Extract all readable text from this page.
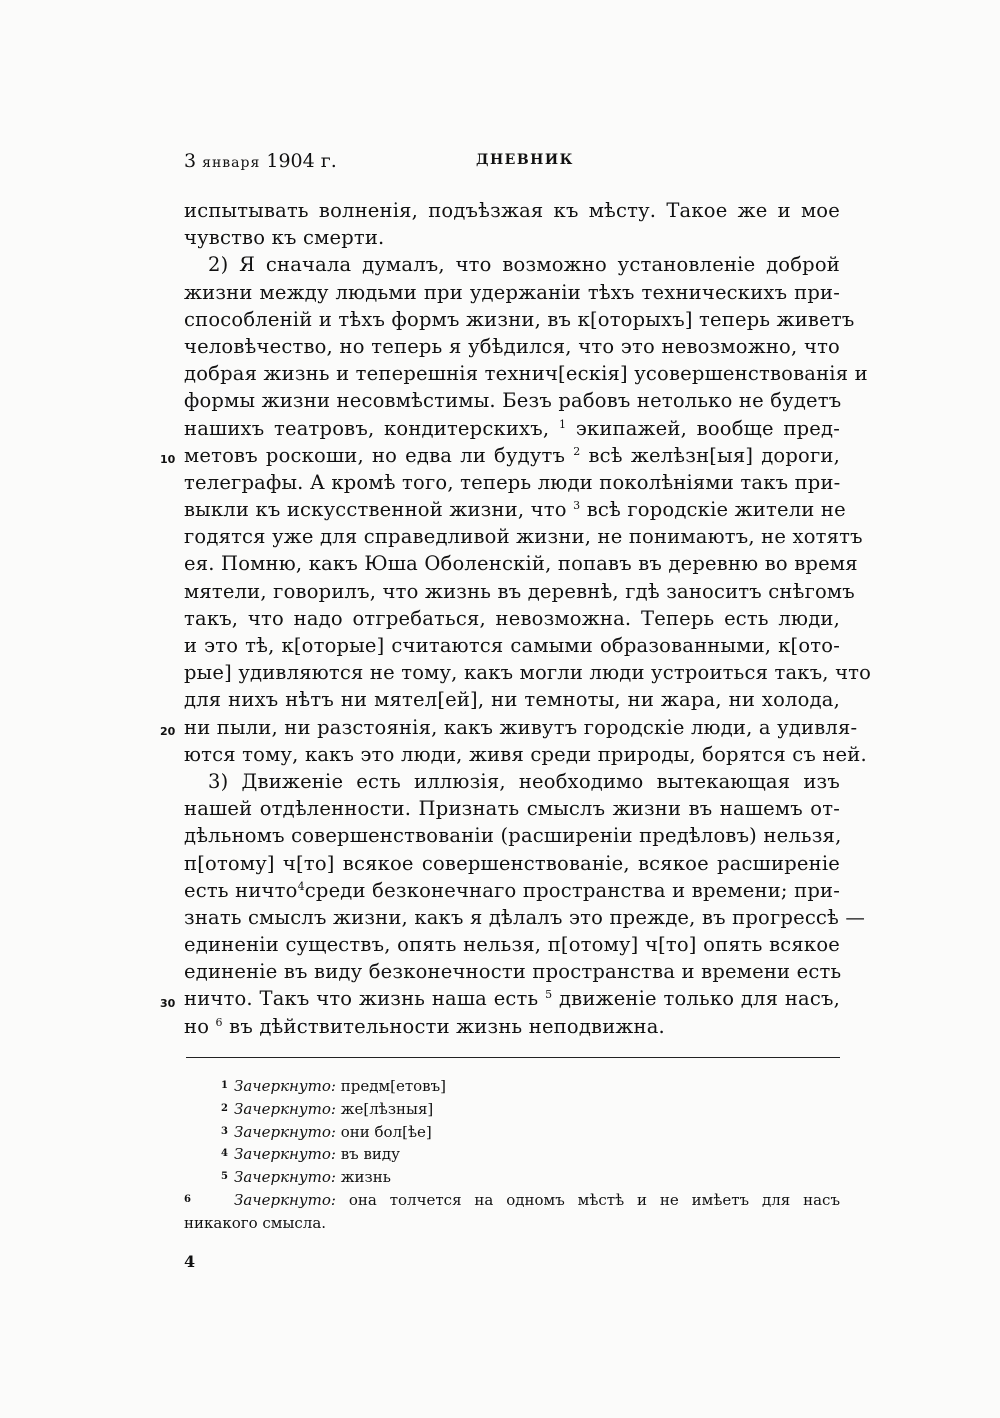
3 января 1904 г.	ДНЕВНИК
10
20
30
испытывать волненія, подъѣзжая къ мѣсту. Такое же и мое
чувство къ смерти.
2) Я сначала думалъ, что возможно установленіе доброй
жизни между людьми при удержаніи тѣхъ техническихъ при-
способленій и тѣхъ формъ жизни, въ к[оторыхъ] теперь живетъ
человѣчество, но теперь я убѣдился, что это невозможно, что
добрая жизнь и теперешнія технич[ескія] усовершенствованія и
формы жизни несовмѣстимы. Безъ рабовъ нетолько не будетъ
нашихъ театровъ, кондитерскихъ, $^1$ экипажей, вообще пред-
метовъ роскоши, но едва ли будутъ $^2$ всѣ желѣзн[ыя] дороги,
телеграфы. А кромѣ того, теперь люди поколѣніями такъ при-
выкли къ искусственной жизни, что $^3$ всѣ городскіе жители не
годятся уже для справедливой жизни, не понимаютъ, не хотятъ
ея. Помню, какъ Юша Оболенскій, попавъ въ деревню во время
мятели, говорилъ, что жизнь въ деревнѣ, гдѣ заноситъ снѣгомъ
такъ, что надо отгребаться, невозможна. Теперь есть люди,
и это тѣ, к[оторые] считаются самыми образованными, к[ото-
рые] удивляются не тому, какъ могли люди устроиться такъ, что
для нихъ нѣтъ ни мятел[ей], ни темноты, ни жара, ни холода,
ни пыли, ни разстоянія, какъ живутъ городскіе люди, а удивля-
ются тому, какъ это люди, живя среди природы, борятся съ ней.
3) Движеніе есть иллюзія, необходимо вытекающая изъ
нашей отдѣленности. Признать смыслъ жизни въ нашемъ от-
дѣльномъ совершенствованіи (расширеніи предѣловъ) нельзя,
п[отому] ч[то] всякое совершенствованіе, всякое расширеніе
есть ничто$^4$среди безконечнаго пространства и времени; при-
знать смыслъ жизни, какъ я дѣлалъ это прежде, въ прогрессѣ —
единеніи существъ, опять нельзя, п[отому] ч[то] опять всякое
единеніе въ виду безконечности пространства и времени есть
ничто. Такъ что жизнь наша есть $^5$ движеніе только для насъ,
но $^6$ въ дѣйствительности жизнь неподвижна.
1 Зачеркнуто: предм[етовъ]
2 Зачеркнуто: же[лѣзныя]
3 Зачеркнуто: они бол[ѣе]
4 Зачеркнуто: въ виду
5 Зачеркнуто: жизнь
6	Зачеркнуто: она толчется на одномъ мѣстѣ и не имѣетъ для насъ
никакого смысла.
4
